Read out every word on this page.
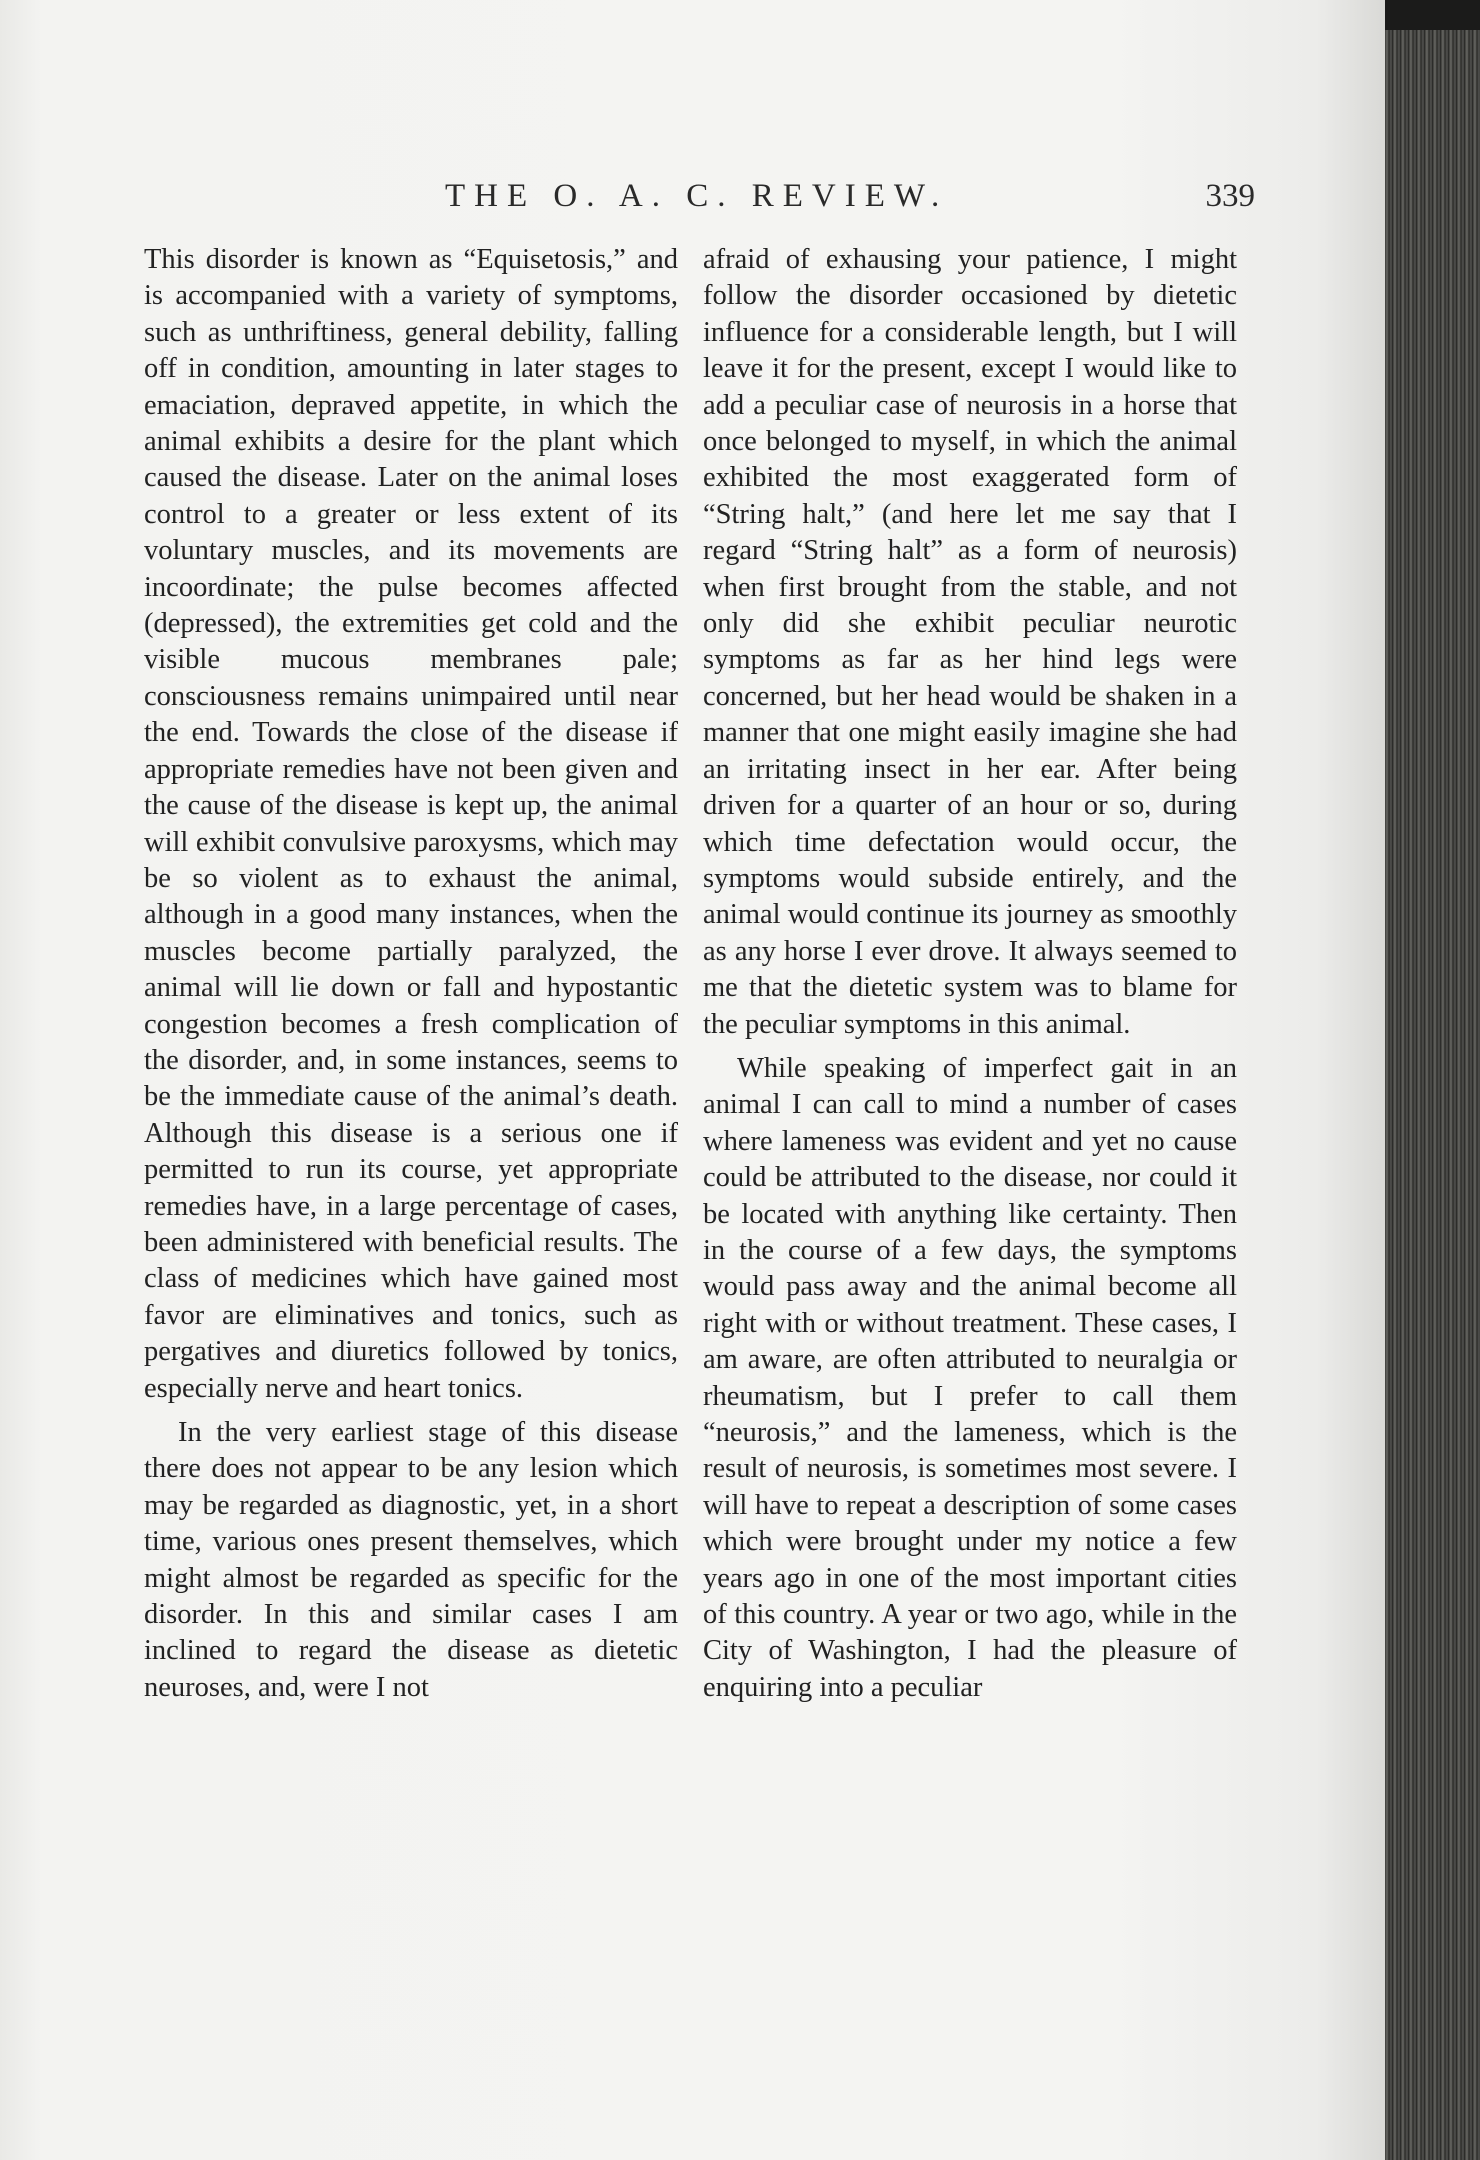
THE O. A. C. REVIEW.	339

This disorder is known as “Equisetosis,” and is accompanied with a variety of symptoms, such as unthriftiness, general debility, falling off in condition, amounting in later stages to emaciation, depraved appetite, in which the animal exhibits a desire for the plant which caused the disease. Later on the animal loses control to a greater or less extent of its voluntary muscles, and its movements are incoordinate; the pulse becomes affected (depressed), the extremities get cold and the visible mucous membranes pale; consciousness remains unimpaired until near the end. Towards the close of the disease if appropriate remedies have not been given and the cause of the disease is kept up, the animal will exhibit convulsive paroxysms, which may be so violent as to exhaust the animal, although in a good many instances, when the muscles become partially paralyzed, the animal will lie down or fall and hypostantic congestion becomes a fresh complication of the disorder, and, in some instances, seems to be the immediate cause of the animal’s death. Although this disease is a serious one if permitted to run its course, yet appropriate remedies have, in a large percentage of cases, been administered with beneficial results. The class of medicines which have gained most favor are eliminatives and tonics, such as pergatives and diuretics followed by tonics, especially nerve and heart tonics.

In the very earliest stage of this disease there does not appear to be any lesion which may be regarded as diagnostic, yet, in a short time, various ones present themselves, which might almost be regarded as specific for the disorder. In this and similar cases I am inclined to regard the disease as dietetic neuroses, and, were I not

afraid of exhausing your patience, I might follow the disorder occasioned by dietetic influence for a considerable length, but I will leave it for the present, except I would like to add a peculiar case of neurosis in a horse that once belonged to myself, in which the animal exhibited the most exaggerated form of “String halt,” (and here let me say that I regard “String halt” as a form of neurosis) when first brought from the stable, and not only did she exhibit peculiar neurotic symptoms as far as her hind legs were concerned, but her head would be shaken in a manner that one might easily imagine she had an irritating insect in her ear. After being driven for a quarter of an hour or so, during which time defectation would occur, the symptoms would subside entirely, and the animal would continue its journey as smoothly as any horse I ever drove. It always seemed to me that the dietetic system was to blame for the peculiar symptoms in this animal.

While speaking of imperfect gait in an animal I can call to mind a number of cases where lameness was evident and yet no cause could be attributed to the disease, nor could it be located with anything like certainty. Then in the course of a few days, the symptoms would pass away and the animal become all right with or without treatment. These cases, I am aware, are often attributed to neuralgia or rheumatism, but I prefer to call them “neurosis,” and the lameness, which is the result of neurosis, is sometimes most severe. I will have to repeat a description of some cases which were brought under my notice a few years ago in one of the most important cities of this country. A year or two ago, while in the City of Washington, I had the pleasure of enquiring into a peculiar
